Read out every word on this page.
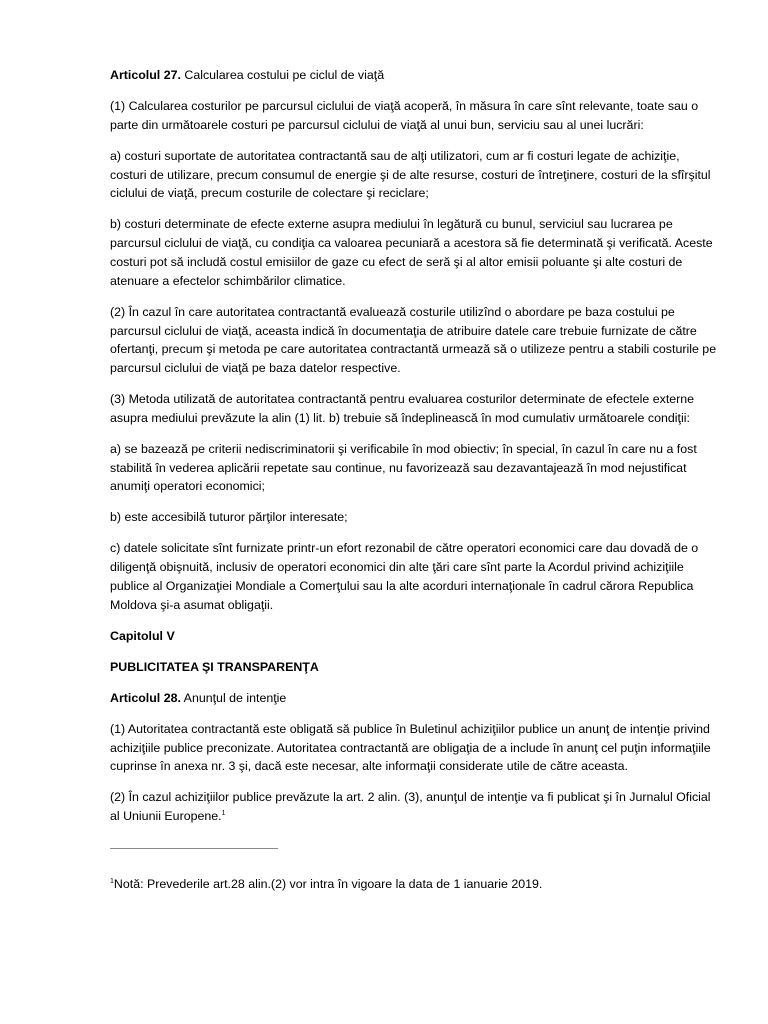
Articolul 27. Calcularea costului pe ciclul de viaţă

(1) Calcularea costurilor pe parcursul ciclului de viaţă acoperă, în măsura în care sînt relevante, toate sau o parte din următoarele costuri pe parcursul ciclului de viaţă al unui bun, serviciu sau al unei lucrări:

a) costuri suportate de autoritatea contractantă sau de alţi utilizatori, cum ar fi costuri legate de achiziţie, costuri de utilizare, precum consumul de energie şi de alte resurse, costuri de întreţinere, costuri de la sfîrşitul ciclului de viaţă, precum costurile de colectare şi reciclare;

b) costuri determinate de efecte externe asupra mediului în legătură cu bunul, serviciul sau lucrarea pe parcursul ciclului de viaţă, cu condiţia ca valoarea pecuniară a acestora să fie determinată şi verificată. Aceste costuri pot să includă costul emisiilor de gaze cu efect de seră şi al altor emisii poluante şi alte costuri de atenuare a efectelor schimbărilor climatice.

(2) În cazul în care autoritatea contractantă evaluează costurile utilizînd o abordare pe baza costului pe parcursul ciclului de viaţă, aceasta indică în documentaţia de atribuire datele care trebuie furnizate de către ofertanţi, precum şi metoda pe care autoritatea contractantă urmează să o utilizeze pentru a stabili costurile pe parcursul ciclului de viaţă pe baza datelor respective.

(3) Metoda utilizată de autoritatea contractantă pentru evaluarea costurilor determinate de efectele externe asupra mediului prevăzute la alin (1) lit. b) trebuie să îndeplinească în mod cumulativ următoarele condiţii:

a) se bazează pe criterii nediscriminatorii şi verificabile în mod obiectiv; în special, în cazul în care nu a fost stabilită în vederea aplicării repetate sau continue, nu favorizează sau dezavantajează în mod nejustificat anumiţi operatori economici;

b) este accesibilă tuturor părţilor interesate;

c) datele solicitate sînt furnizate printr-un efort rezonabil de către operatori economici care dau dovadă de o diligenţă obişnuită, inclusiv de operatori economici din alte ţări care sînt parte la Acordul privind achiziţiile publice al Organizaţiei Mondiale a Comerţului sau la alte acorduri internaţionale în cadrul cărora Republica Moldova şi-a asumat obligaţii.

Capitolul V

PUBLICITATEA ŞI TRANSPARENŢA

Articolul 28. Anunţul de intenţie

(1) Autoritatea contractantă este obligată să publice în Buletinul achiziţiilor publice un anunţ de intenţie privind achiziţiile publice preconizate. Autoritatea contractantă are obligaţia de a include în anunţ cel puţin informaţiile cuprinse în anexa nr. 3 şi, dacă este necesar, alte informaţii considerate utile de către aceasta.

(2) În cazul achiziţiilor publice prevăzute la art. 2 alin. (3), anunţul de intenţie va fi publicat şi în Jurnalul Oficial al Uniunii Europene.$^1$

$^1$Notă: Prevederile art.28 alin.(2) vor intra în vigoare la data de 1 ianuarie 2019.
